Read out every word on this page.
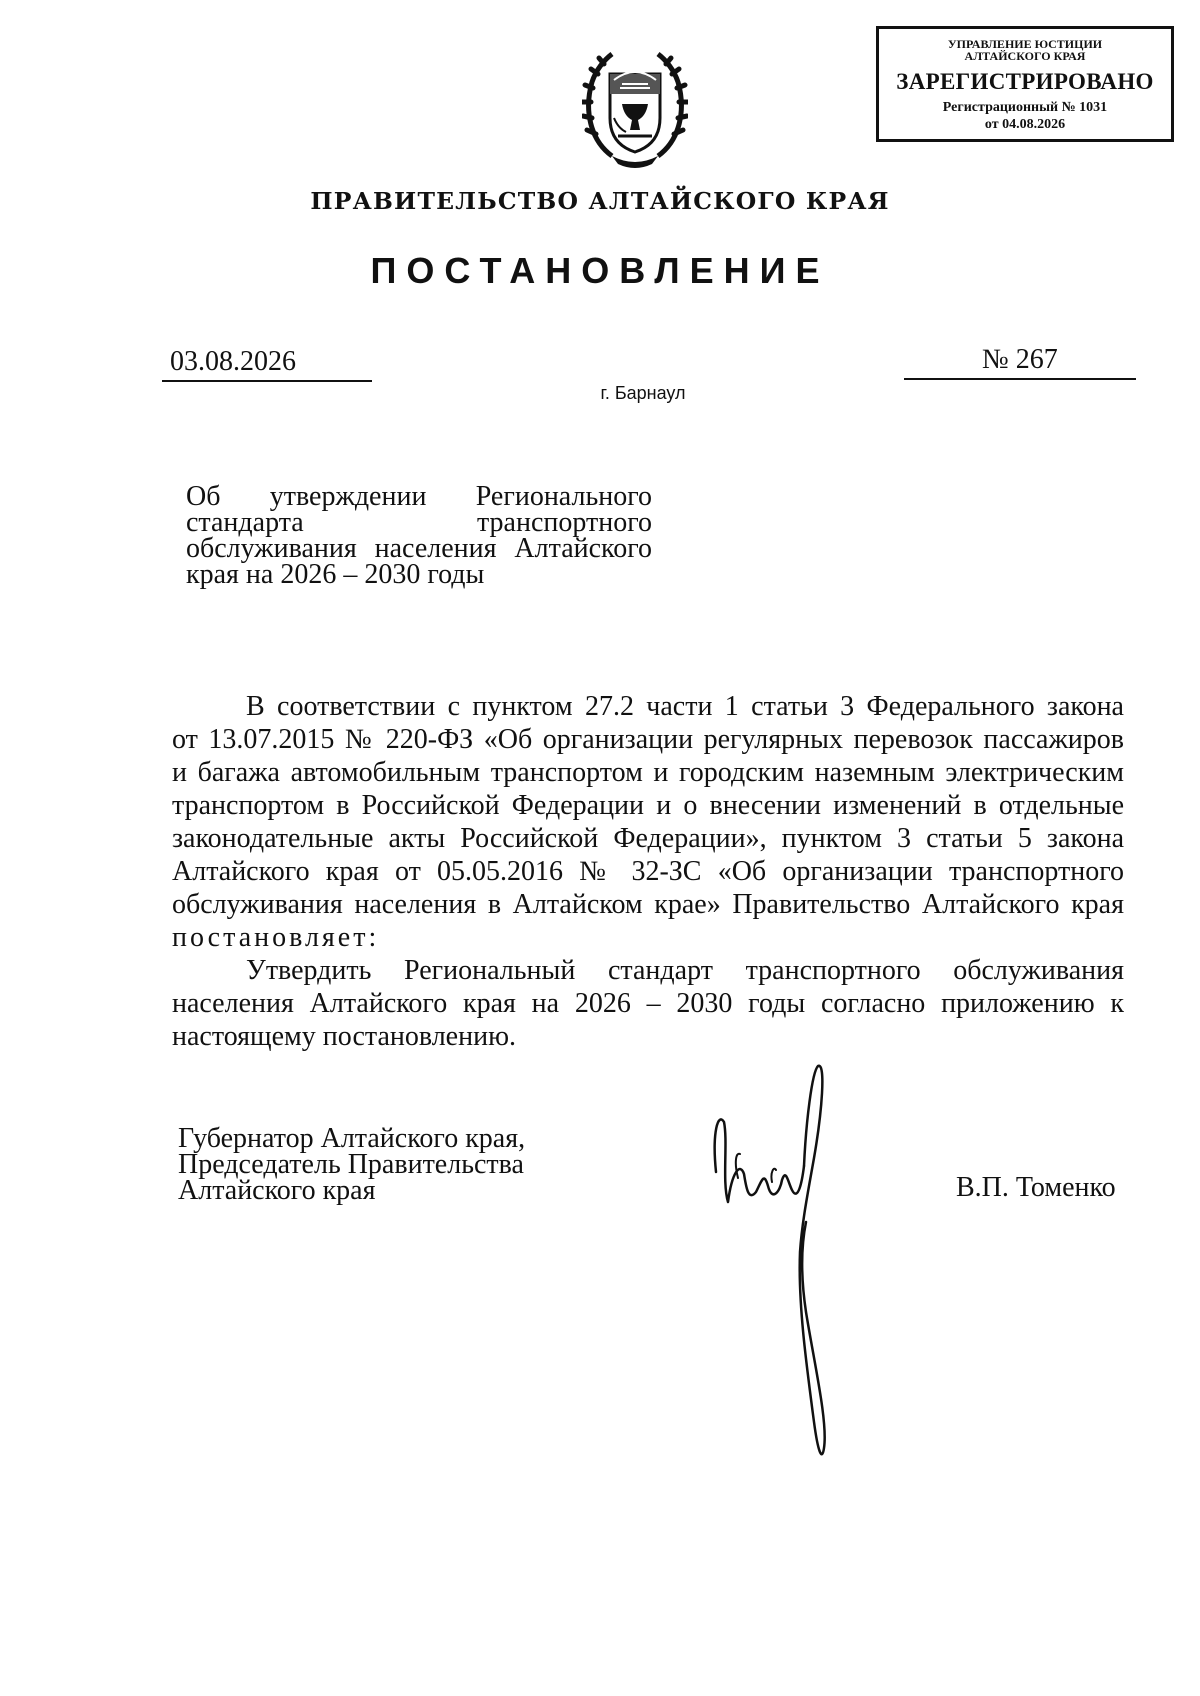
УПРАВЛЕНИЕ ЮСТИЦИИ
АЛТАЙСКОГО КРАЯ
ЗАРЕГИСТРИРОВАНО
Регистрационный № 1031
от 04.08.2026
ПРАВИТЕЛЬСТВО АЛТАЙСКОГО КРАЯ
ПОСТАНОВЛЕНИЕ
03.08.2026	№ 267
г. Барнаул
Об утверждении Регионального
стандарта транспортного
обслуживания населения Алтайского
края на 2026 – 2030 годы
В соответствии с пунктом 27.2 части 1 статьи 3 Федерального закона
от 13.07.2015 № 220-ФЗ «Об организации регулярных перевозок пассажиров
и багажа автомобильным транспортом и городским наземным электрическим
транспортом в Российской Федерации и о внесении изменений в отдельные
законодательные акты Российской Федерации», пунктом 3 статьи 5 закона
Алтайского края от 05.05.2016 № 32-ЗС «Об организации транспортного
обслуживания населения в Алтайском крае» Правительство Алтайского края
постановляет:
Утвердить Региональный стандарт транспортного обслуживания
населения Алтайского края на 2026 – 2030 годы согласно приложению к
настоящему постановлению.
Губернатор Алтайского края,
Председатель Правительства
Алтайского края	В.П. Томенко
